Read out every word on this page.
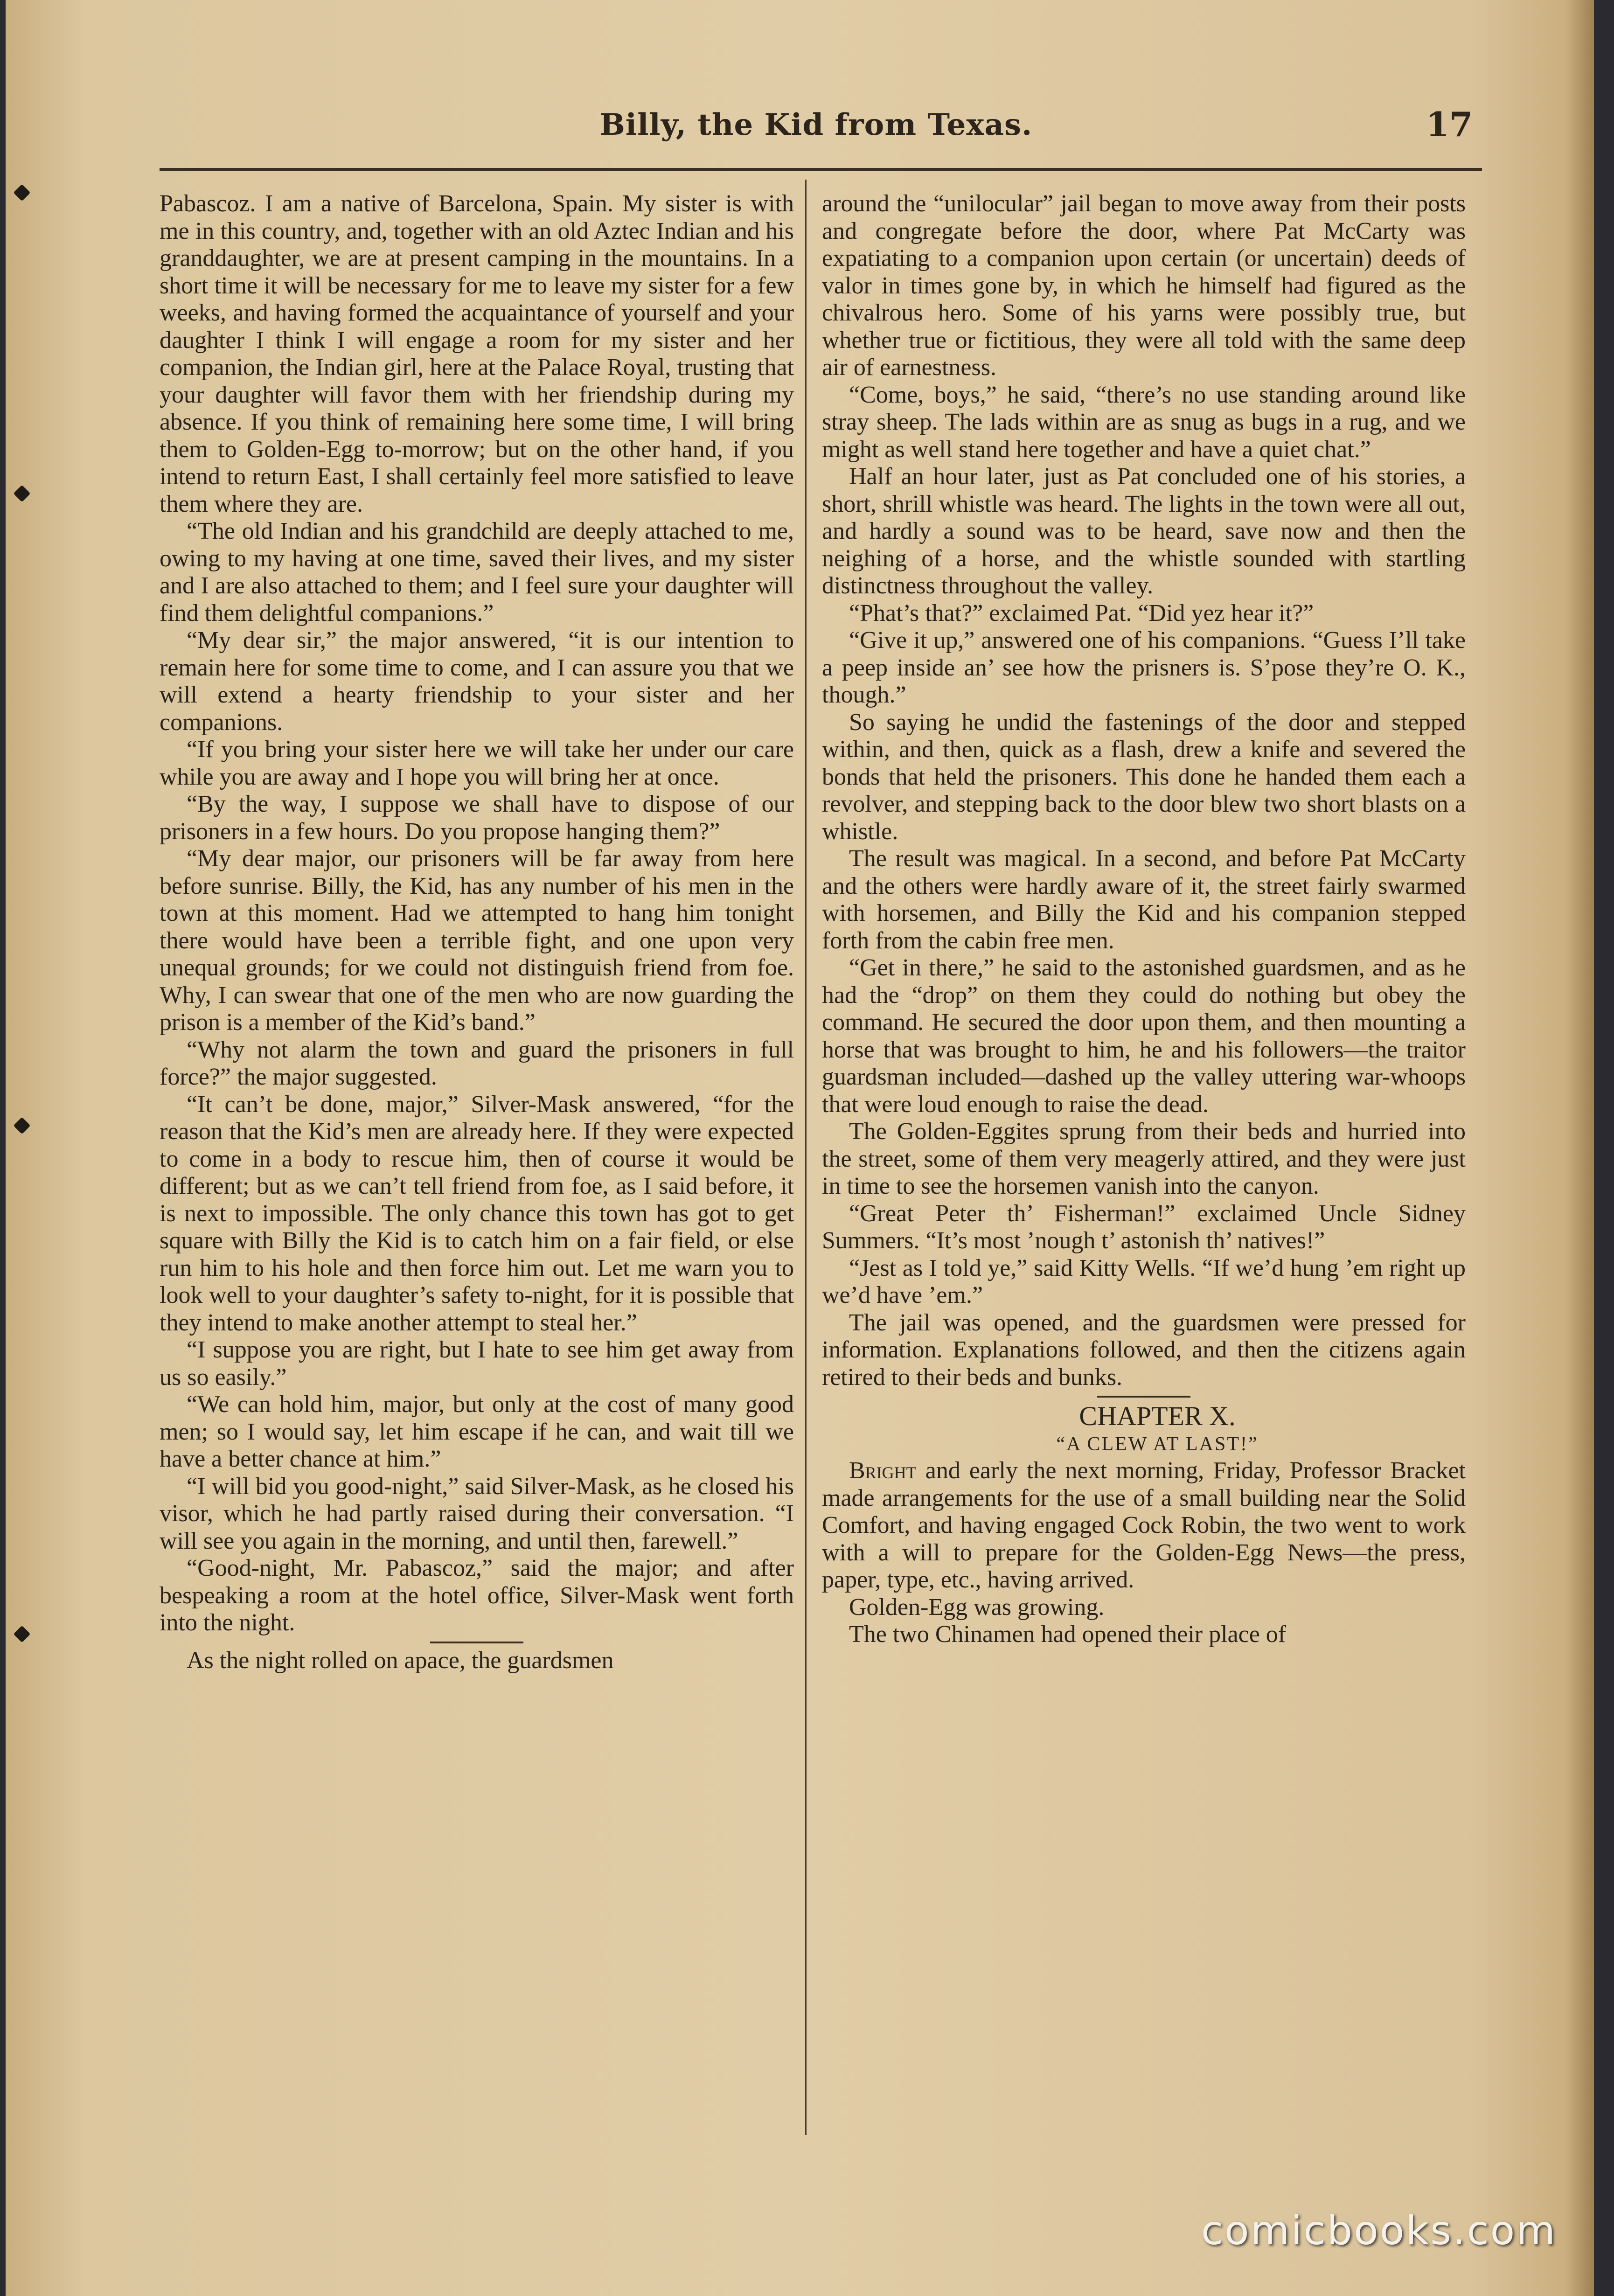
Billy, the Kid from Texas.	17

Pabascoz. I am a native of Barcelona, Spain. My sister is with me in this country, and, together with an old Aztec Indian and his granddaughter, we are at present camping in the mountains. In a short time it will be necessary for me to leave my sister for a few weeks, and having formed the acquaintance of yourself and your daughter I think I will engage a room for my sister and her companion, the Indian girl, here at the Palace Royal, trusting that your daughter will favor them with her friendship during my absence. If you think of remaining here some time, I will bring them to Golden-Egg to-morrow; but on the other hand, if you intend to return East, I shall certainly feel more satisfied to leave them where they are.

“The old Indian and his grandchild are deeply attached to me, owing to my having at one time, saved their lives, and my sister and I are also attached to them; and I feel sure your daughter will find them delightful companions.”

“My dear sir,” the major answered, “it is our intention to remain here for some time to come, and I can assure you that we will extend a hearty friendship to your sister and her companions.

“If you bring your sister here we will take her under our care while you are away and I hope you will bring her at once.

“By the way, I suppose we shall have to dispose of our prisoners in a few hours. Do you propose hanging them?”

“My dear major, our prisoners will be far away from here before sunrise. Billy, the Kid, has any number of his men in the town at this moment. Had we attempted to hang him tonight there would have been a terrible fight, and one upon very unequal grounds; for we could not distinguish friend from foe. Why, I can swear that one of the men who are now guarding the prison is a member of the Kid’s band.”

“Why not alarm the town and guard the prisoners in full force?” the major suggested.

“It can’t be done, major,” Silver-Mask answered, “for the reason that the Kid’s men are already here. If they were expected to come in a body to rescue him, then of course it would be different; but as we can’t tell friend from foe, as I said before, it is next to impossible. The only chance this town has got to get square with Billy the Kid is to catch him on a fair field, or else run him to his hole and then force him out. Let me warn you to look well to your daughter’s safety to-night, for it is possible that they intend to make another attempt to steal her.”

“I suppose you are right, but I hate to see him get away from us so easily.”

“We can hold him, major, but only at the cost of many good men; so I would say, let him escape if he can, and wait till we have a better chance at him.”

“I will bid you good-night,” said Silver-Mask, as he closed his visor, which he had partly raised during their conversation. “I will see you again in the morning, and until then, farewell.”

“Good-night, Mr. Pabascoz,” said the major; and after bespeaking a room at the hotel office, Silver-Mask went forth into the night.

As the night rolled on apace, the guardsmen

around the “unilocular” jail began to move away from their posts and congregate before the door, where Pat McCarty was expatiating to a companion upon certain (or uncertain) deeds of valor in times gone by, in which he himself had figured as the chivalrous hero. Some of his yarns were possibly true, but whether true or fictitious, they were all told with the same deep air of earnestness.

“Come, boys,” he said, “there’s no use standing around like stray sheep. The lads within are as snug as bugs in a rug, and we might as well stand here together and have a quiet chat.”

Half an hour later, just as Pat concluded one of his stories, a short, shrill whistle was heard. The lights in the town were all out, and hardly a sound was to be heard, save now and then the neighing of a horse, and the whistle sounded with startling distinctness throughout the valley.

“Phat’s that?” exclaimed Pat. “Did yez hear it?”

“Give it up,” answered one of his companions. “Guess I’ll take a peep inside an’ see how the prisners is. S’pose they’re O. K., though.”

So saying he undid the fastenings of the door and stepped within, and then, quick as a flash, drew a knife and severed the bonds that held the prisoners. This done he handed them each a revolver, and stepping back to the door blew two short blasts on a whistle.

The result was magical. In a second, and before Pat McCarty and the others were hardly aware of it, the street fairly swarmed with horsemen, and Billy the Kid and his companion stepped forth from the cabin free men.

“Get in there,” he said to the astonished guardsmen, and as he had the “drop” on them they could do nothing but obey the command. He secured the door upon them, and then mounting a horse that was brought to him, he and his followers—the traitor guardsman included—dashed up the valley uttering war-whoops that were loud enough to raise the dead.

The Golden-Eggites sprung from their beds and hurried into the street, some of them very meagerly attired, and they were just in time to see the horsemen vanish into the canyon.

“Great Peter th’ Fisherman!” exclaimed Uncle Sidney Summers. “It’s most ’nough t’ astonish th’ natives!”

“Jest as I told ye,” said Kitty Wells. “If we’d hung ’em right up we’d have ’em.”

The jail was opened, and the guardsmen were pressed for information. Explanations followed, and then the citizens again retired to their beds and bunks.

CHAPTER X.

“A CLEW AT LAST!”

Bright and early the next morning, Friday, Professor Bracket made arrangements for the use of a small building near the Solid Comfort, and having engaged Cock Robin, the two went to work with a will to prepare for the Golden-Egg News—the press, paper, type, etc., having arrived.

Golden-Egg was growing.

The two Chinamen had opened their place of

comicbooks.com
